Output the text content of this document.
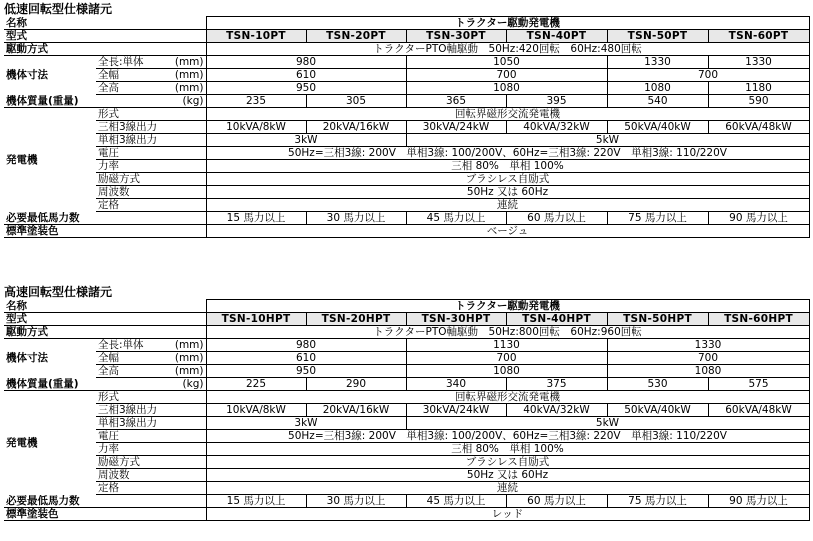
低速回転型仕様諸元
名称		トラクター駆動発電機					
型式		TSN-10PT	TSN-20PT	TSN-30PT	TSN-40PT	TSN-50PT	TSN-60PT
駆動方式		トラクターPTO軸駆動　50Hz:420回転　60Hz:480回転					
機体寸法	全長:単体 (mm)	980		1050		1330	1330
	全幅 (mm)	610		700		700	
	全高 (mm)	950		1080		1080	1180
機体質量(重量) (kg)		235	305	365	395	540	590
発電機	形式	回転界磁形交流発電機					
	三相3線出力	10kVA/8kW	20kVA/16kW	30kVA/24kW	40kVA/32kW	50kVA/40kW	60kVA/48kW
	単相3線出力	3kW		5kW			
	電圧	50Hz=三相3線: 200V　単相3線: 100/200V、60Hz=三相3線: 220V　単相3線: 110/220V					
	力率	三相 80%　単相 100%					
	励磁方式	ブラシレス自励式					
	周波数	50Hz 又は 60Hz					
	定格	連続					
必要最低馬力数		15 馬力以上	30 馬力以上	45 馬力以上	60 馬力以上	75 馬力以上	90 馬力以上
標準塗装色		ベージュ					
高速回転型仕様諸元
名称		トラクター駆動発電機					
型式		TSN-10HPT	TSN-20HPT	TSN-30HPT	TSN-40HPT	TSN-50HPT	TSN-60HPT
駆動方式		トラクターPTO軸駆動　50Hz:800回転　60Hz:960回転					
機体寸法	全長:単体 (mm)	980		1130		1330	
	全幅 (mm)	610		700		700	
	全高 (mm)	950		1080		1080	
機体質量(重量) (kg)		225	290	340	375	530	575
発電機	形式	回転界磁形交流発電機					
	三相3線出力	10kVA/8kW	20kVA/16kW	30kVA/24kW	40kVA/32kW	50kVA/40kW	60kVA/48kW
	単相3線出力	3kW		5kW			
	電圧	50Hz=三相3線: 200V　単相3線: 100/200V、60Hz=三相3線: 220V　単相3線: 110/220V					
	力率	三相 80%　単相 100%					
	励磁方式	ブラシレス自励式					
	周波数	50Hz 又は 60Hz					
	定格	連続					
必要最低馬力数		15 馬力以上	30 馬力以上	45 馬力以上	60 馬力以上	75 馬力以上	90 馬力以上
標準塗装色		レッド					
